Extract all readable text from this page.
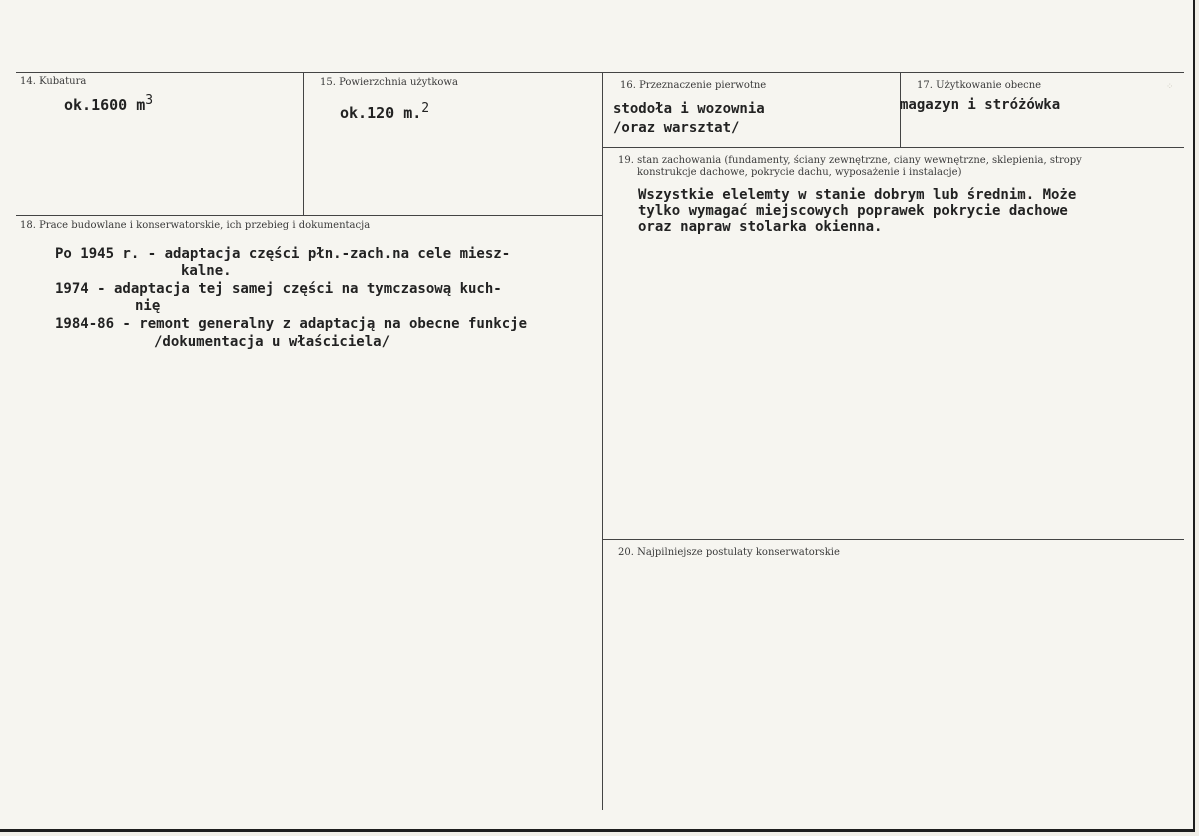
14. Kubatura
ok.1600 $m^3$
15. Powierzchnia użytkowa
ok.120 m.$^2$
16. Przeznaczenie pierwotne
stodoła i wozownia
/oraz warsztat/
17. Użytkowanie obecne
magazyn i stróżówka
⁘
18. Prace budowlane i konserwatorskie, ich przebieg i dokumentacja
Po 1945 r. - adaptacja części płn.-zach.na cele miesz-
kalne.
1974 - adaptacja tej samej części na tymczasową kuch-
nię
1984-86 - remont generalny z adaptacją na obecne funkcje
/dokumentacja u właściciela/
19. stan zachowania (fundamenty, ściany zewnętrzne, ciany wewnętrzne, sklepienia, stropy
konstrukcje dachowe, pokrycie dachu, wyposażenie i instalacje)
Wszystkie elelemty w stanie dobrym lub średnim. Może
tylko wymagać miejscowych poprawek pokrycie dachowe
oraz napraw stolarka okienna.
20. Najpilniejsze postulaty konserwatorskie
